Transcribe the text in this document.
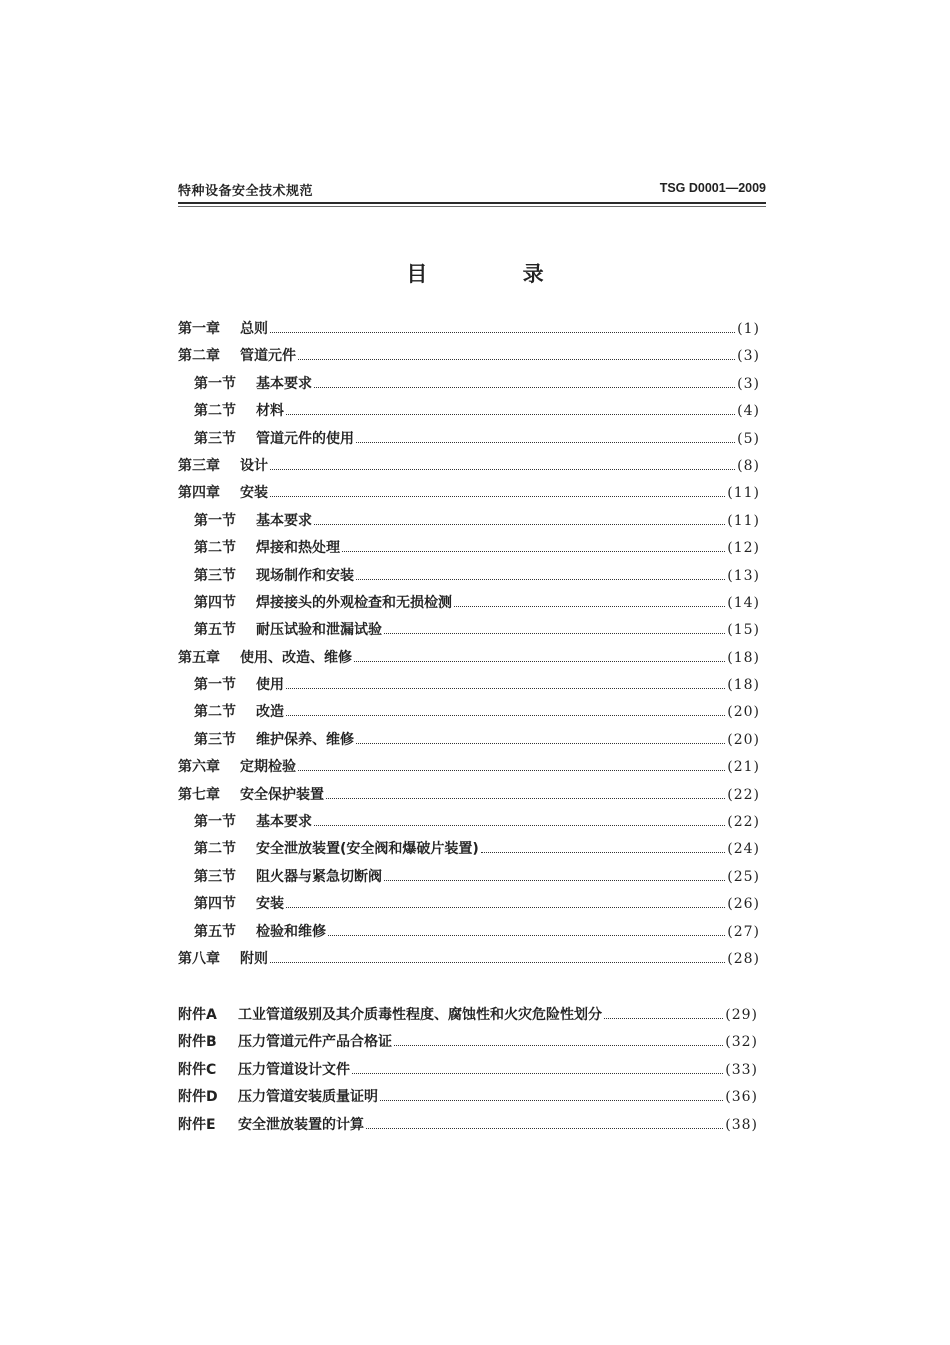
特种设备安全技术规范	TSG D0001—2009
目 录
第一章	总则	(1)
第二章	管道元件	(3)
第一节	基本要求	(3)
第二节	材料	(4)
第三节	管道元件的使用	(5)
第三章	设计	(8)
第四章	安装	(11)
第一节	基本要求	(11)
第二节	焊接和热处理	(12)
第三节	现场制作和安装	(13)
第四节	焊接接头的外观检查和无损检测	(14)
第五节	耐压试验和泄漏试验	(15)
第五章	使用、改造、维修	(18)
第一节	使用	(18)
第二节	改造	(20)
第三节	维护保养、维修	(20)
第六章	定期检验	(21)
第七章	安全保护装置	(22)
第一节	基本要求	(22)
第二节	安全泄放装置(安全阀和爆破片装置)	(24)
第三节	阻火器与紧急切断阀	(25)
第四节	安装	(26)
第五节	检验和维修	(27)
第八章	附则	(28)
附件A	工业管道级别及其介质毒性程度、腐蚀性和火灾危险性划分	(29)
附件B	压力管道元件产品合格证	(32)
附件C	压力管道设计文件	(33)
附件D	压力管道安装质量证明	(36)
附件E	安全泄放装置的计算	(38)
